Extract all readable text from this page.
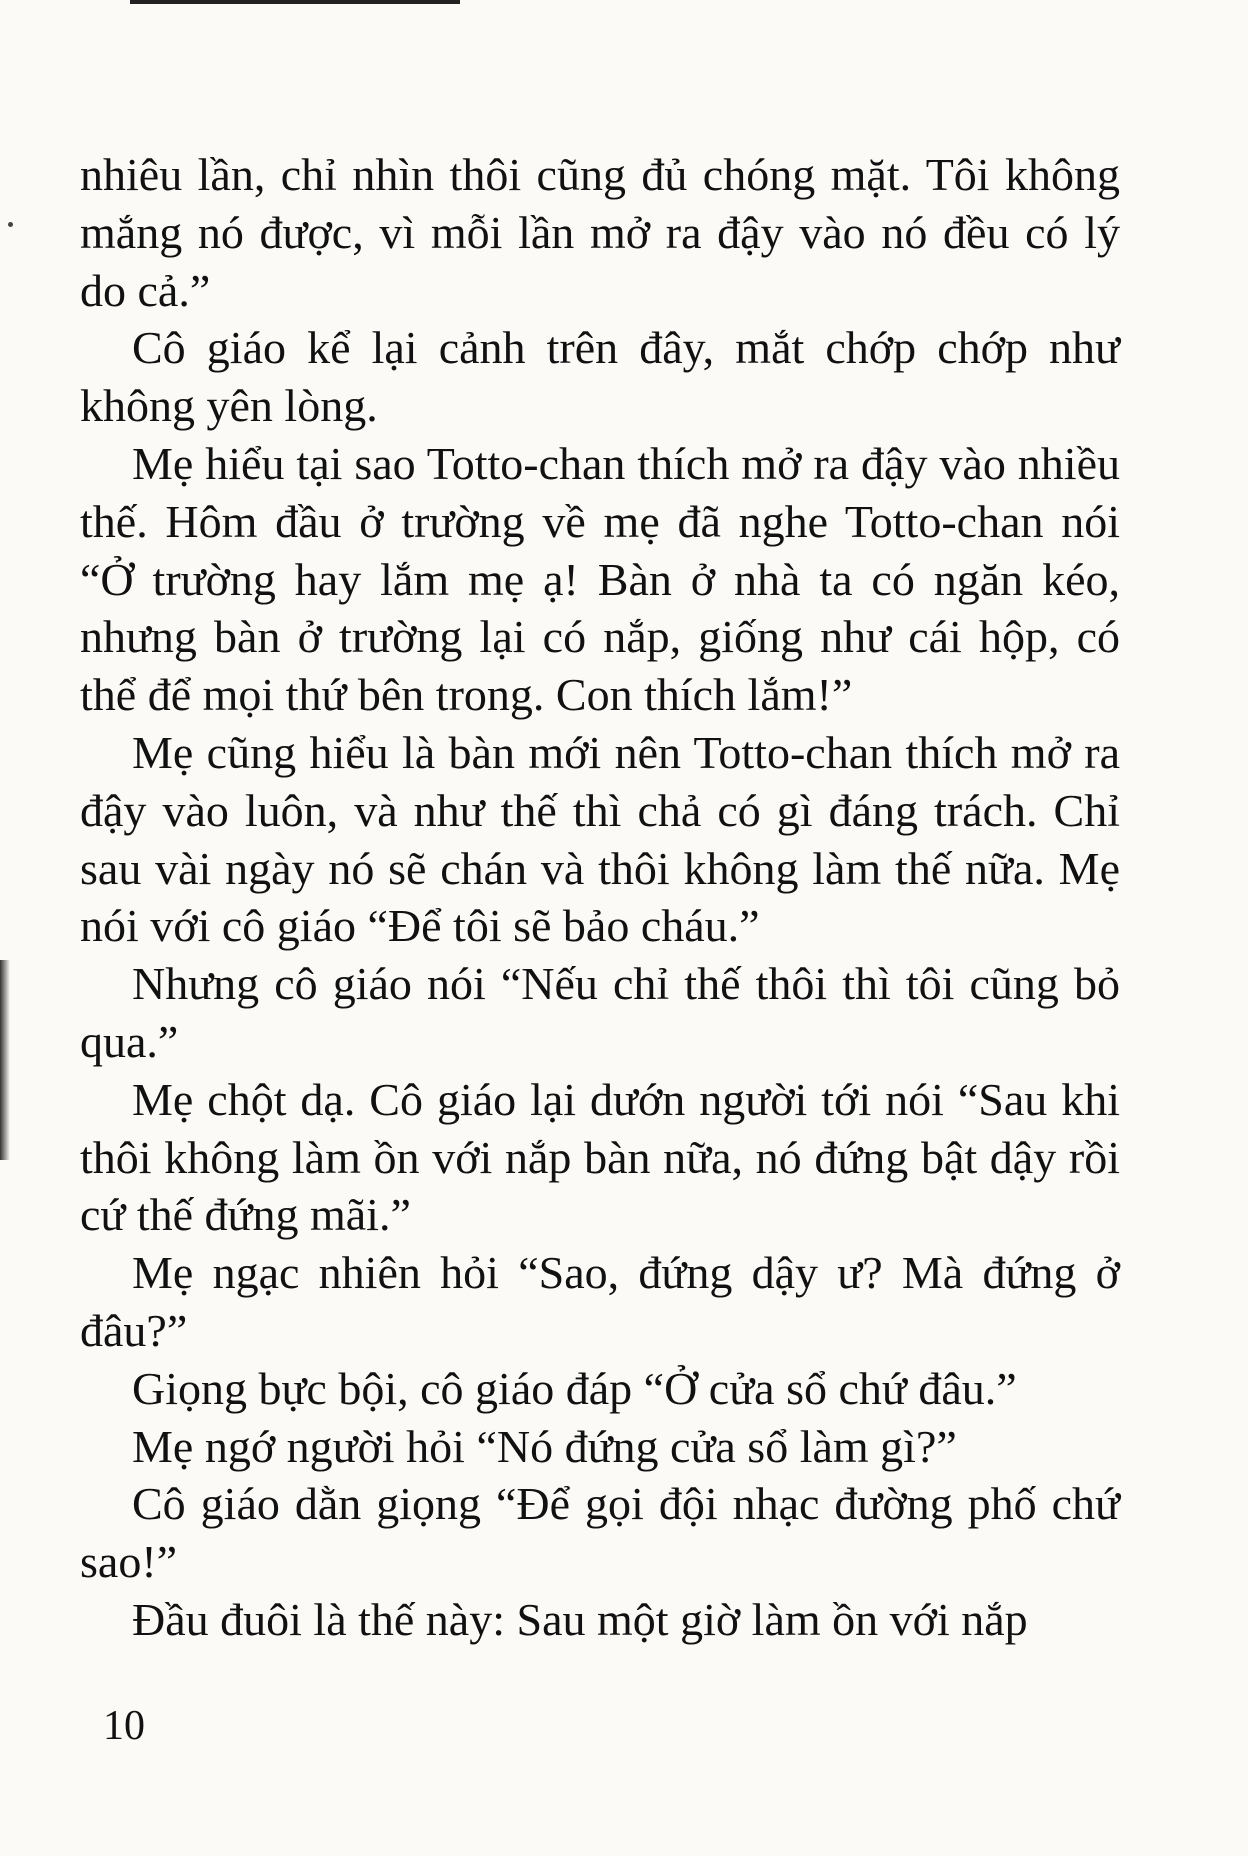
nhiêu lần, chỉ nhìn thôi cũng đủ chóng mặt. Tôi không mắng nó được, vì mỗi lần mở ra đậy vào nó đều có lý do cả.”

Cô giáo kể lại cảnh trên đây, mắt chớp chớp như không yên lòng.

Mẹ hiểu tại sao Totto-chan thích mở ra đậy vào nhiều thế. Hôm đầu ở trường về mẹ đã nghe Totto-chan nói “Ở trường hay lắm mẹ ạ! Bàn ở nhà ta có ngăn kéo, nhưng bàn ở trường lại có nắp, giống như cái hộp, có thể để mọi thứ bên trong. Con thích lắm!”

Mẹ cũng hiểu là bàn mới nên Totto-chan thích mở ra đậy vào luôn, và như thế thì chả có gì đáng trách. Chỉ sau vài ngày nó sẽ chán và thôi không làm thế nữa. Mẹ nói với cô giáo “Để tôi sẽ bảo cháu.”

Nhưng cô giáo nói “Nếu chỉ thế thôi thì tôi cũng bỏ qua.”

Mẹ chột dạ. Cô giáo lại dướn người tới nói “Sau khi thôi không làm ồn với nắp bàn nữa, nó đứng bật dậy rồi cứ thế đứng mãi.”

Mẹ ngạc nhiên hỏi “Sao, đứng dậy ư? Mà đứng ở đâu?”

Giọng bực bội, cô giáo đáp “Ở cửa sổ chứ đâu.”

Mẹ ngớ người hỏi “Nó đứng cửa sổ làm gì?”

Cô giáo dằn giọng “Để gọi đội nhạc đường phố chứ sao!”

Đầu đuôi là thế này: Sau một giờ làm ồn với nắp

10
